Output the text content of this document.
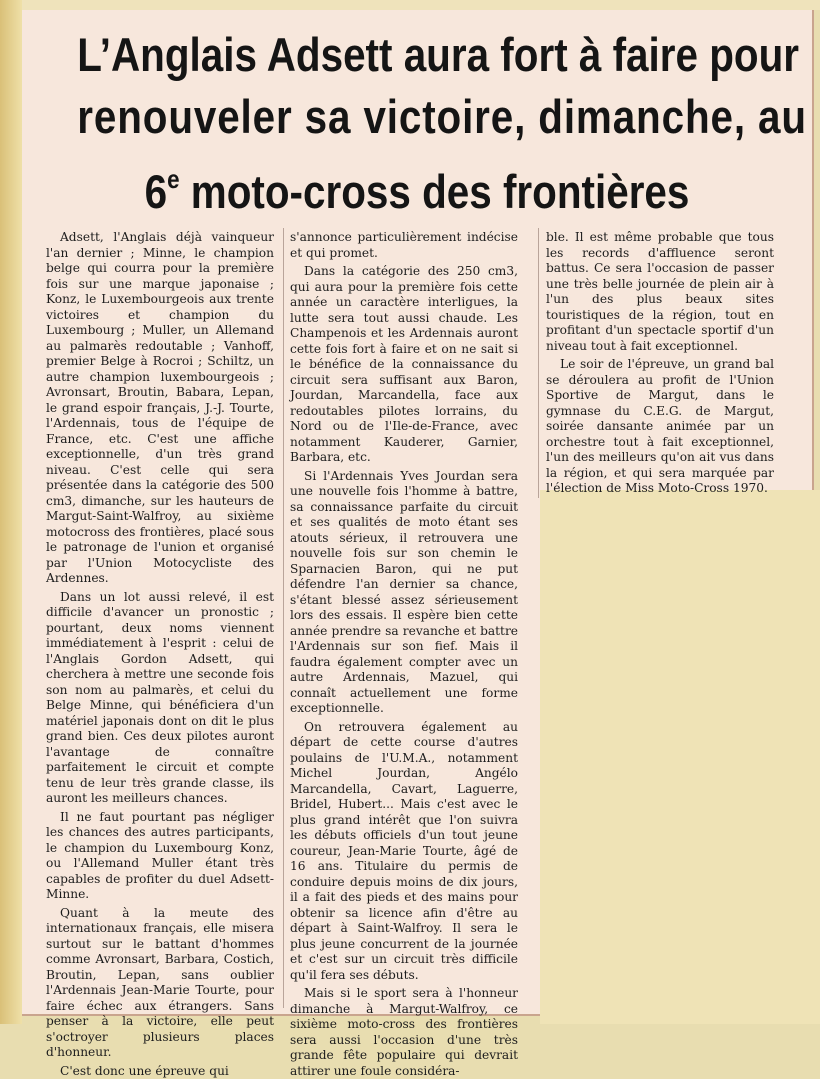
L’Anglais Adsett aura fort à faire pour
renouveler sa victoire, dimanche, au
6e moto-cross des frontières

Adsett, l'Anglais déjà vainqueur l'an dernier ; Minne, le champion belge qui courra pour la première fois sur une marque japonaise ; Konz, le Luxembourgeois aux trente victoires et champion du Luxembourg ; Muller, un Allemand au palmarès redoutable ; Vanhoff, premier Belge à Rocroi ; Schiltz, un autre champion luxembourgeois ; Avronsart, Broutin, Babara, Lepan, le grand espoir français, J.-J. Tourte, l'Ardennais, tous de l'équipe de France, etc. C'est une affiche exceptionnelle, d'un très grand niveau. C'est celle qui sera présentée dans la catégorie des 500 cm3, dimanche, sur les hauteurs de Margut-Saint-Walfroy, au sixième motocross des frontières, placé sous le patronage de l'union et organisé par l'Union Motocycliste des Ardennes.

Dans un lot aussi relevé, il est difficile d'avancer un pronostic ; pourtant, deux noms viennent immédiatement à l'esprit : celui de l'Anglais Gordon Adsett, qui cherchera à mettre une seconde fois son nom au palmarès, et celui du Belge Minne, qui bénéficiera d'un matériel japonais dont on dit le plus grand bien. Ces deux pilotes auront l'avantage de connaître parfaitement le circuit et compte tenu de leur très grande classe, ils auront les meilleurs chances.

Il ne faut pourtant pas négliger les chances des autres participants, le champion du Luxembourg Konz, ou l'Allemand Muller étant très capables de profiter du duel Adsett-Minne.

Quant à la meute des internationaux français, elle misera surtout sur le battant d'hommes comme Avronsart, Barbara, Costich, Broutin, Lepan, sans oublier l'Ardennais Jean-Marie Tourte, pour faire échec aux étrangers. Sans penser à la victoire, elle peut s'octroyer plusieurs places d'honneur.

C'est donc une épreuve qui

s'annonce particulièrement indécise et qui promet.

Dans la catégorie des 250 cm3, qui aura pour la première fois cette année un caractère interligues, la lutte sera tout aussi chaude. Les Champenois et les Ardennais auront cette fois fort à faire et on ne sait si le bénéfice de la connaissance du circuit sera suffisant aux Baron, Jourdan, Marcandella, face aux redoutables pilotes lorrains, du Nord ou de l'Ile-de-France, avec notamment Kauderer, Garnier, Barbara, etc.

Si l'Ardennais Yves Jourdan sera une nouvelle fois l'homme à battre, sa connaissance parfaite du circuit et ses qualités de moto étant ses atouts sérieux, il retrouvera une nouvelle fois sur son chemin le Sparnacien Baron, qui ne put défendre l'an dernier sa chance, s'étant blessé assez sérieusement lors des essais. Il espère bien cette année prendre sa revanche et battre l'Ardennais sur son fief. Mais il faudra également compter avec un autre Ardennais, Mazuel, qui connaît actuellement une forme exceptionnelle.

On retrouvera également au départ de cette course d'autres poulains de l'U.M.A., notamment Michel Jourdan, Angélo Marcandella, Cavart, Laguerre, Bridel, Hubert... Mais c'est avec le plus grand intérêt que l'on suivra les débuts officiels d'un tout jeune coureur, Jean-Marie Tourte, âgé de 16 ans. Titulaire du permis de conduire depuis moins de dix jours, il a fait des pieds et des mains pour obtenir sa licence afin d'être au départ à Saint-Walfroy. Il sera le plus jeune concurrent de la journée et c'est sur un circuit très difficile qu'il fera ses débuts.

Mais si le sport sera à l'honneur dimanche à Margut-Walfroy, ce sixième moto-cross des frontières sera aussi l'occasion d'une très grande fête populaire qui devrait attirer une foule considéra-

ble. Il est même probable que tous les records d'affluence seront battus. Ce sera l'occasion de passer une très belle journée de plein air à l'un des plus beaux sites touristiques de la région, tout en profitant d'un spectacle sportif d'un niveau tout à fait exceptionnel.

Le soir de l'épreuve, un grand bal se déroulera au profit de l'Union Sportive de Margut, dans le gymnase du C.E.G. de Margut, soirée dansante animée par un orchestre tout à fait exceptionnel, l'un des meilleurs qu'on ait vus dans la région, et qui sera marquée par l'élection de Miss Moto-Cross 1970.
